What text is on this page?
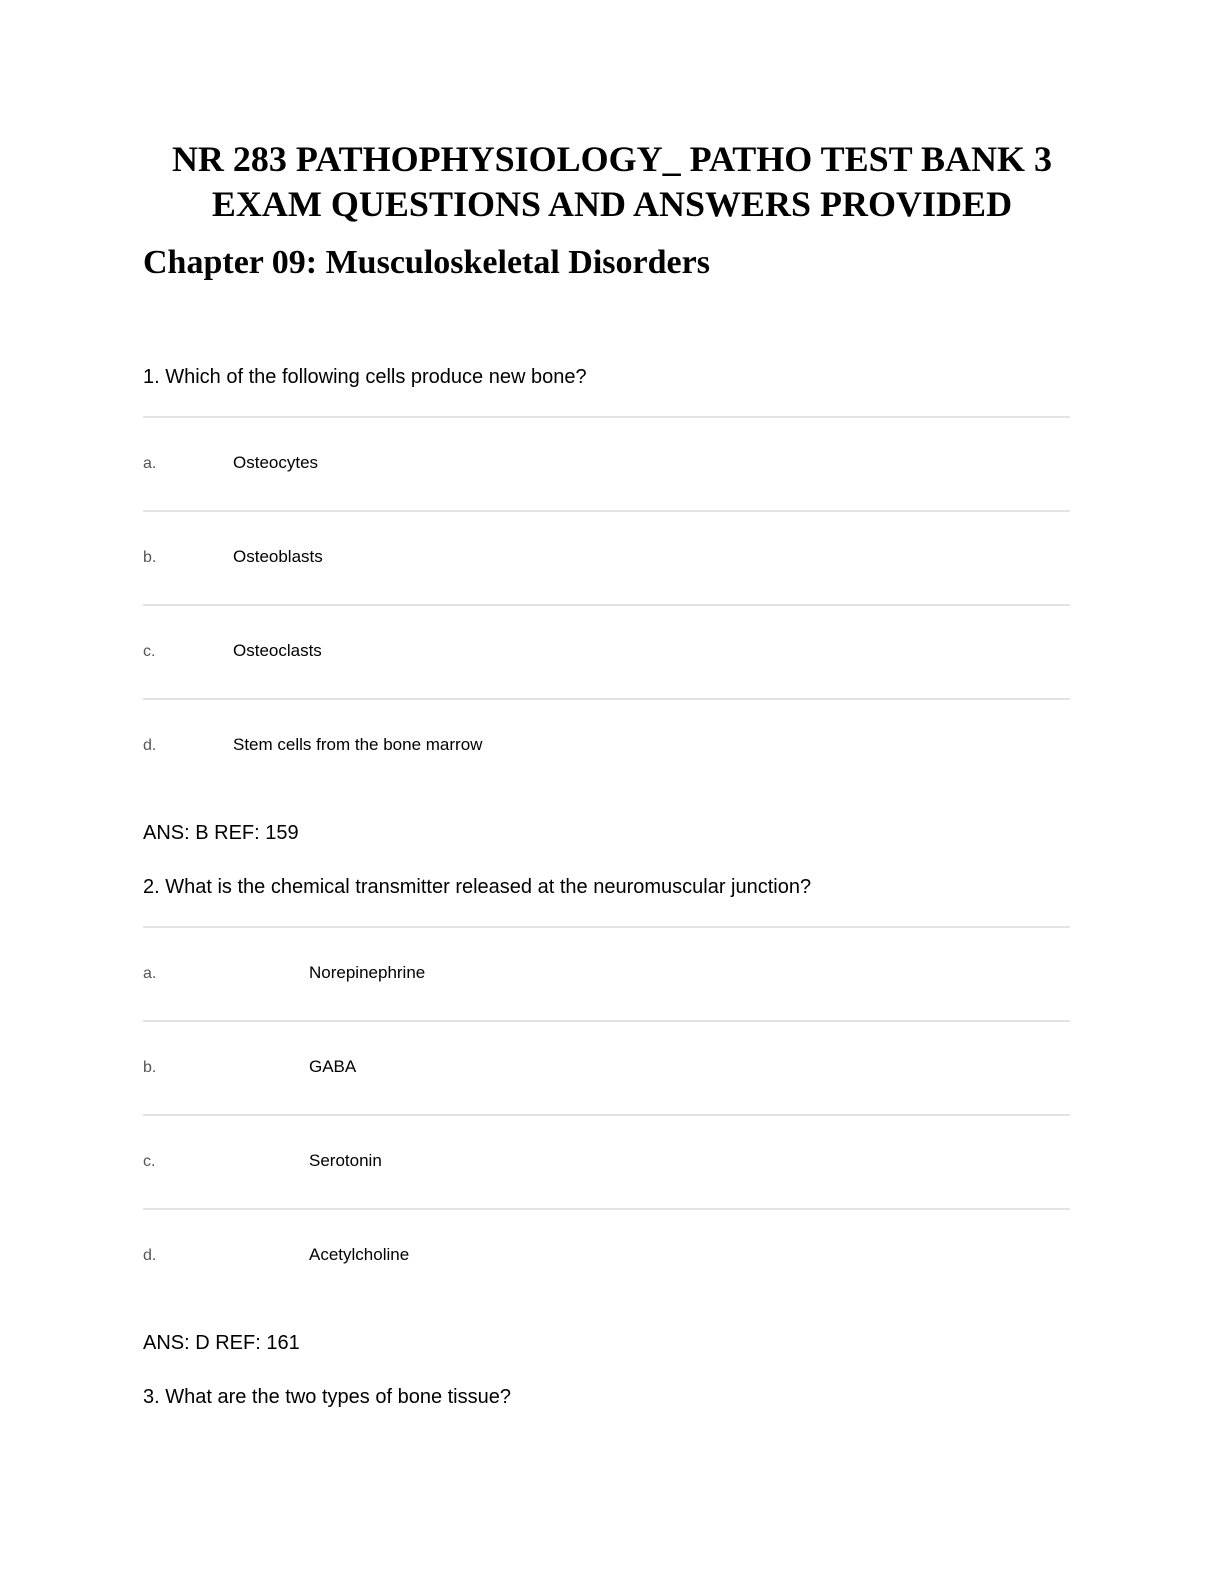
NR 283 PATHOPHYSIOLOGY_ PATHO TEST BANK 3
EXAM QUESTIONS AND ANSWERS PROVIDED
Chapter 09: Musculoskeletal Disorders

1. Which of the following cells produce new bone?

a.	Osteocytes
b.	Osteoblasts
c.	Osteoclasts
d.	Stem cells from the bone marrow

ANS: B REF: 159

2. What is the chemical transmitter released at the neuromuscular junction?

a.	Norepinephrine
b.	GABA
c.	Serotonin
d.	Acetylcholine

ANS: D REF: 161

3. What are the two types of bone tissue?
